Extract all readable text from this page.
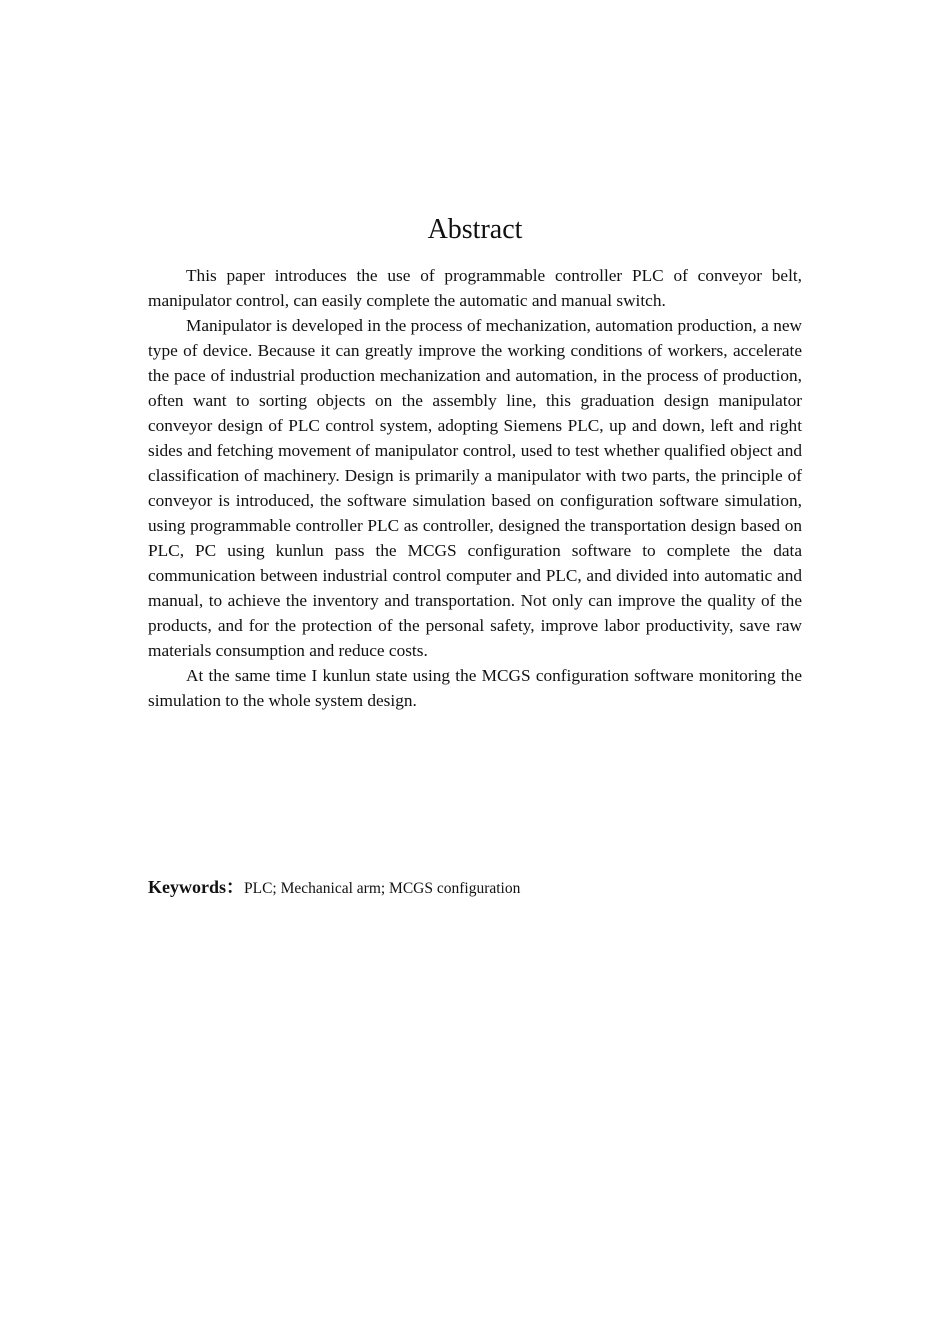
Abstract

This paper introduces the use of programmable controller PLC of conveyor belt, manipulator control, can easily complete the automatic and manual switch.

Manipulator is developed in the process of mechanization, automation production, a new type of device. Because it can greatly improve the working conditions of workers, accelerate the pace of industrial production mechanization and automation, in the process of production, often want to sorting objects on the assembly line, this graduation design manipulator conveyor design of PLC control system, adopting Siemens PLC, up and down, left and right sides and fetching movement of manipulator control, used to test whether qualified object and classification of machinery. Design is primarily a manipulator with two parts, the principle of conveyor is introduced, the software simulation based on configuration software simulation, using programmable controller PLC as controller, designed the transportation design based on PLC, PC using kunlun pass the MCGS configuration software to complete the data communication between industrial control computer and PLC, and divided into automatic and manual, to achieve the inventory and transportation. Not only can improve the quality of the products, and for the protection of the personal safety, improve labor productivity, save raw materials consumption and reduce costs.

At the same time I kunlun state using the MCGS configuration software monitoring the simulation to the whole system design.

Keywords：PLC; Mechanical arm; MCGS configuration
